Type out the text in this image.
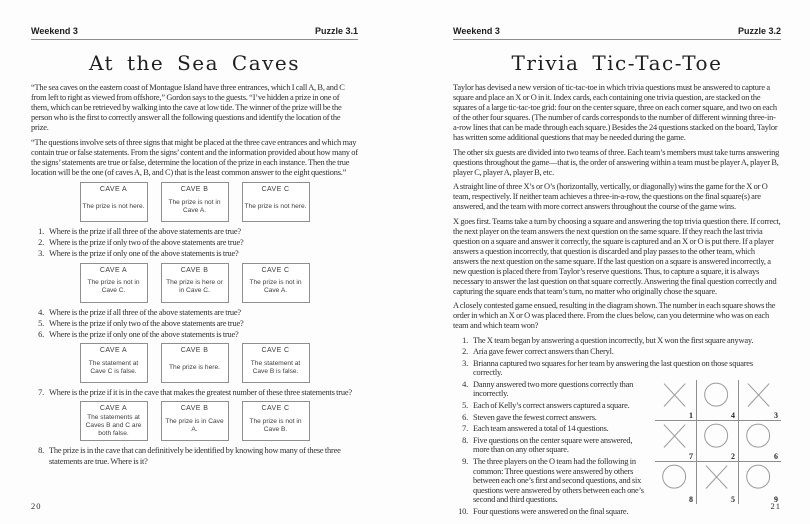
Weekend 3	Puzzle 3.1
At the Sea Caves

“The sea caves on the eastern coast of Montague Island have three entrances, which I call A, B, and C from left to right as viewed from offshore,” Gordon says to the guests. “I’ve hidden a prize in one of them, which can be retrieved by walking into the cave at low tide. The winner of the prize will be the person who is the first to correctly answer all the following questions and identify the location of the prize.

“The questions involve sets of three signs that might be placed at the three cave entrances and which may contain true or false statements. From the signs’ content and the information provided about how many of the signs’ statements are true or false, determine the location of the prize in each instance. Then the true location will be the one (of caves A, B, and C) that is the least common answer to the eight questions.”

CAVE A
The prize is not here.
CAVE B
The prize is not in Cave A.
CAVE C
The prize is not here.
1. Where is the prize if all three of the above statements are true?
2. Where is the prize if only two of the above statements are true?
3. Where is the prize if only one of the above statements is true?
CAVE A
The prize is not in Cave C.
CAVE B
The prize is here or in Cave C.
CAVE C
The prize is not in Cave A.
4. Where is the prize if all three of the above statements are true?
5. Where is the prize if only two of the above statements are true?
6. Where is the prize if only one of the above statements is true?
CAVE A
The statement at Cave C is false.
CAVE B
The prize is here.
CAVE C
The statement at Cave B is false.
7. Where is the prize if it is in the cave that makes the greatest number of these three statements true?
CAVE A
The statements at Caves B and C are both false.
CAVE B
The prize is in Cave A.
CAVE C
The prize is not in Cave B.
8. The prize is in the cave that can definitively be identified by knowing how many of these three statements are true. Where is it?
20
Weekend 3	Puzzle 3.2
Trivia Tic-Tac-Toe

Taylor has devised a new version of tic-tac-toe in which trivia questions must be answered to capture a square and place an X or O in it. Index cards, each containing one trivia question, are stacked on the squares of a large tic-tac-toe grid: four on the center square, three on each corner square, and two on each of the other four squares. (The number of cards corresponds to the number of different winning three-in-a-row lines that can be made through each square.) Besides the 24 questions stacked on the board, Taylor has written some additional questions that may be needed during the game.

The other six guests are divided into two teams of three. Each team’s members must take turns answering questions throughout the game—that is, the order of answering within a team must be player A, player B, player C, player A, player B, etc.

A straight line of three X’s or O’s (horizontally, vertically, or diagonally) wins the game for the X or O team, respectively. If neither team achieves a three-in-a-row, the questions on the final square(s) are answered, and the team with more correct answers throughout the course of the game wins.

X goes first. Teams take a turn by choosing a square and answering the top trivia question there. If correct, the next player on the team answers the next question on the same square. If they reach the last trivia question on a square and answer it correctly, the square is captured and an X or O is put there. If a player answers a question incorrectly, that question is discarded and play passes to the other team, which answers the next question on the same square. If the last question on a square is answered incorrectly, a new question is placed there from Taylor’s reserve questions. Thus, to capture a square, it is always necessary to answer the last question on that square correctly. Answering the final question correctly and capturing the square ends that team’s turn, no matter who originally chose the square.

A closely contested game ensued, resulting in the diagram shown. The number in each square shows the order in which an X or O was placed there. From the clues below, can you determine who was on each team and which team won?

1. The X team began by answering a question incorrectly, but X won the first square anyway.
2. Aria gave fewer correct answers than Cheryl.
3. Brianna captured two squares for her team by answering the last question on those squares correctly.
4. Danny answered two more questions correctly than incorrectly.
5. Each of Kelly’s correct answers captured a square.
6. Steven gave the fewest correct answers.
7. Each team answered a total of 14 questions.
8. Five questions on the center square were answered, more than on any other square.
9. The three players on the O team had the following in common: Three questions were answered by others between each one’s first and second questions, and six questions were answered by others between each one’s second and third questions.
10. Four questions were answered on the final square.
1	4	3
7	2	6
8	5	9
21
